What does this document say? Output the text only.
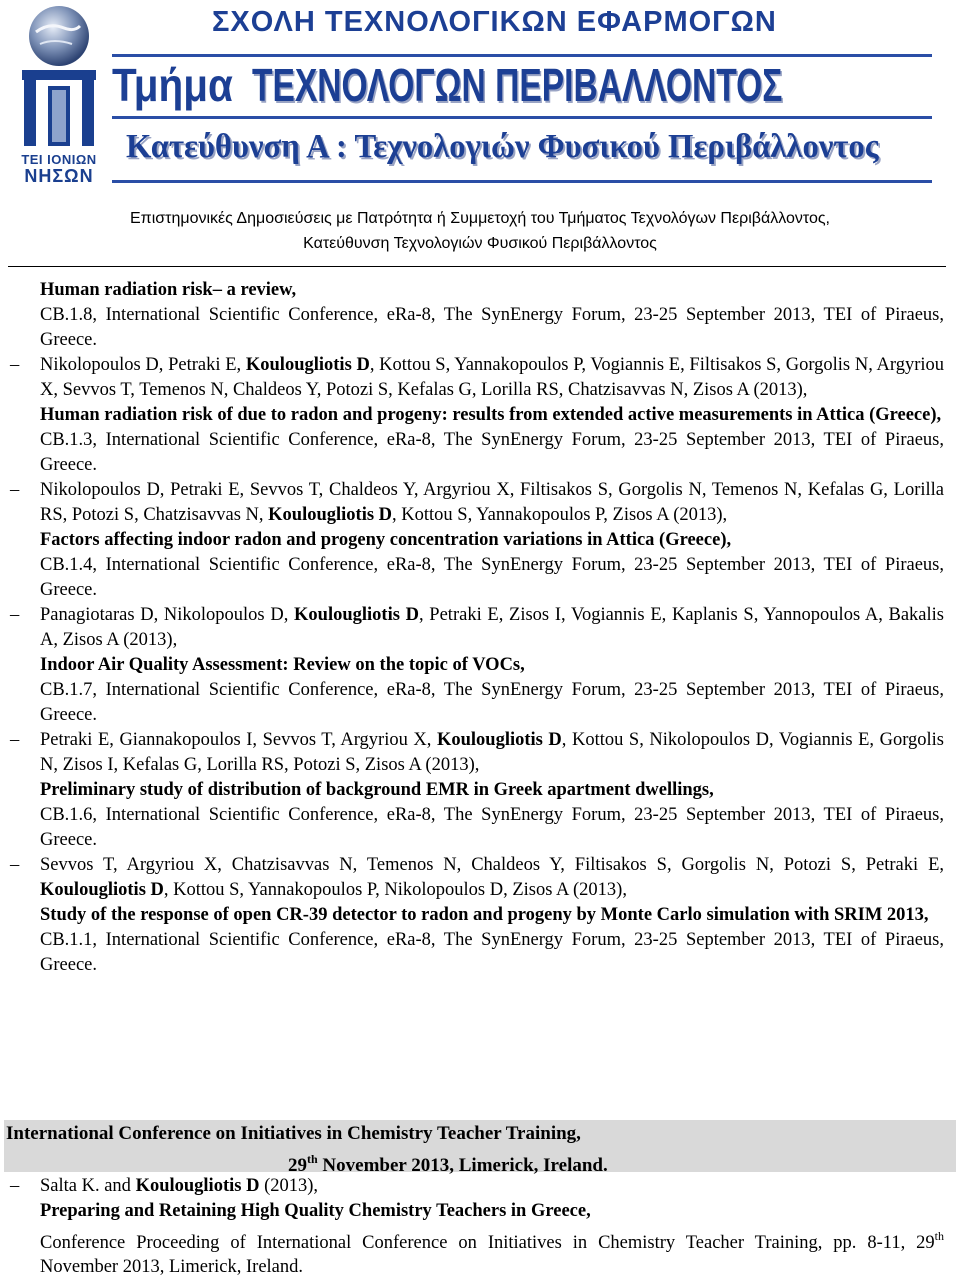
ΤΕΙ ΙΟΝΙΩΝ
ΝΗΣΩΝ
ΣΧΟΛΗ ΤΕΧΝΟΛΟΓΙΚΩΝ ΕΦΑΡΜΟΓΩΝ
Τμήμα ΤΕΧΝΟΛΟΓΩΝ ΠΕΡΙΒΑΛΛΟΝΤΟΣ
Κατεύθυνση Α : Τεχνολογιών Φυσικού Περιβάλλοντος
Επιστημονικές Δημοσιεύσεις με Πατρότητα ή Συμμετοχή του Τμήματος Τεχνολόγων Περιβάλλοντος,
Κατεύθυνση Τεχνολογιών Φυσικού Περιβάλλοντος
Human radiation risk– a review,
CB.1.8, International Scientific Conference, eRa-8, The SynEnergy Forum, 23-25 September 2013, TEI of Piraeus, Greece.
– Nikolopoulos D, Petraki E, Koulougliotis D, Kottou S, Yannakopoulos P, Vogiannis E, Filtisakos S, Gorgolis N, Argyriou X, Sevvos T, Temenos N, Chaldeos Y, Potozi S, Kefalas G, Lorilla RS, Chatzisavvas N, Zisos A (2013),
Human radiation risk of due to radon and progeny: results from extended active measurements in Attica (Greece),
CB.1.3, International Scientific Conference, eRa-8, The SynEnergy Forum, 23-25 September 2013, TEI of Piraeus, Greece.
– Nikolopoulos D, Petraki E, Sevvos T, Chaldeos Y, Argyriou X, Filtisakos S, Gorgolis N, Temenos N, Kefalas G, Lorilla RS, Potozi S, Chatzisavvas N, Koulougliotis D, Kottou S, Yannakopoulos P, Zisos A (2013),
Factors affecting indoor radon and progeny concentration variations in Attica (Greece),
CB.1.4, International Scientific Conference, eRa-8, The SynEnergy Forum, 23-25 September 2013, TEI of Piraeus, Greece.
– Panagiotaras D, Nikolopoulos D, Koulougliotis D, Petraki E, Zisos I, Vogiannis E, Kaplanis S, Yannopoulos A, Bakalis A, Zisos A (2013),
Indoor Air Quality Assessment: Review on the topic of VOCs,
CB.1.7, International Scientific Conference, eRa-8, The SynEnergy Forum, 23-25 September 2013, TEI of Piraeus, Greece.
– Petraki E, Giannakopoulos I, Sevvos T, Argyriou X, Koulougliotis D, Kottou S, Nikolopoulos D, Vogiannis E, Gorgolis N, Zisos I, Kefalas G, Lorilla RS, Potozi S, Zisos A (2013),
Preliminary study of distribution of background EMR in Greek apartment dwellings,
CB.1.6, International Scientific Conference, eRa-8, The SynEnergy Forum, 23-25 September 2013, TEI of Piraeus, Greece.
– Sevvos T, Argyriou X, Chatzisavvas N, Temenos N, Chaldeos Y, Filtisakos S, Gorgolis N, Potozi S, Petraki E, Koulougliotis D, Kottou S, Yannakopoulos P, Nikolopoulos D, Zisos A (2013),
Study of the response of open CR-39 detector to radon and progeny by Monte Carlo simulation with SRIM 2013,
CB.1.1, International Scientific Conference, eRa-8, The SynEnergy Forum, 23-25 September 2013, TEI of Piraeus, Greece.
International Conference on Initiatives in Chemistry Teacher Training,
29th November 2013, Limerick, Ireland.
– Salta K. and Koulougliotis D (2013),
Preparing and Retaining High Quality Chemistry Teachers in Greece,
Conference Proceeding of International Conference on Initiatives in Chemistry Teacher Training, pp. 8-11, 29th November 2013, Limerick, Ireland.
